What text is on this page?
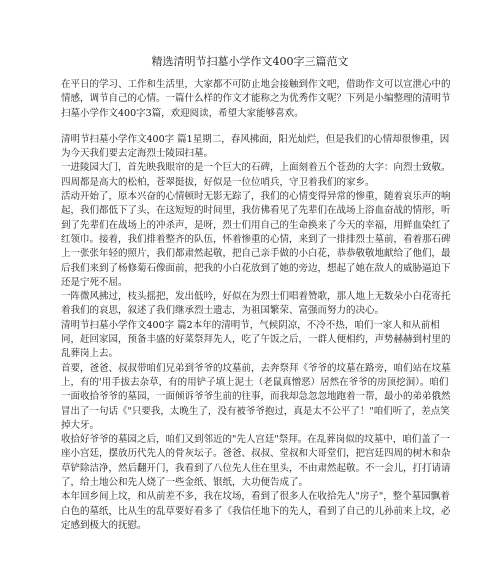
精选清明节扫墓小学作文400字三篇范文

在平日的学习、工作和生活里，大家都不可防止地会接触到作文吧，借助作文可以宣泄心中的情感，调节自己的心情。一篇什么样的作文才能称之为优秀作文呢？下列是小编整理的清明节扫墓小学作文400字3篇，欢迎阅读，希望大家能够喜欢。

清明节扫墓小学作文400字 篇1星期二，春风拂面，阳光灿烂，但是我们的心情却很惨重，因为今天我们要去定海烈士陵园扫墓。

一进陵园大门，首先映我眼帘的是一个巨大的石碑，上面刻着五个苍劲的大字：向烈士致敬。四周都是高大的松柏，苍翠挺拔，好似是一位位哨兵，守卫着我们的家乡。

活动开始了，原本兴奋的心情顿时无影无踪了，我们的心情变得异常的惨重，随着哀乐声的响起，我们都低下了头，在这短短的时间里，我仿佛看见了先辈们在战场上浴血奋战的情形，听到了先辈们在战场上的冲杀声，是呀，烈士们用自己的生命换来了今天的幸福，用鲜血染红了红领巾。接着，我们排着整齐的队伍，怀着惨重的心情，来到了一排排烈士墓前，看着那石碑上一张张年轻的照片，我们都肃然起敬，把自己亲手做的小白花，恭恭敬敬地献给了他们，最后我们来到了杨修菊石像面前，把我的小白花放到了她的旁边，想起了她在敌人的威胁逼迫下还是宁死不屈。

一阵微风拂过，枝头摇把，发出低吟，好似在为烈士们唱着赞歌，那人地上无数朵小白花寄托着我们的哀思，叙述了我们继承烈士遗志，为祖国繁荣、富强而努力的决心。

清明节扫墓小学作文400字 篇2本年的清明节，气候阴凉，不冷不热，咱们一家人和从前相同，赶回家园，预备丰盛的好菜祭拜先人，吃了午饭之后，一群人便相约，声势赫赫到村里的乱葬岗上去。

首要，爸爸、叔叔带咱们兄弟到爷爷的坟墓前，去奔祭拜《爷爷的坟墓在路旁，咱们站在坟墓上，有的'用手拔去杂草，有的用铲子填上泥土（老鼠真憎恶）居然在爷爷的房顶挖洞）。咱们一面收拾爷爷的墓园，一面倾诉爷爷生前的往事，而我却急忽忽地跑着一帮，最小的弟弟俄然冒出了一句话《"只要我，太晚生了，没有被爷爷抱过，真是太不公平了！"咱们听了，差点笑掉大牙。

收拾好爷爷的墓园之后，咱们又到邻近的"先人宫廷"祭拜。在乱葬岗似的坟墓中，咱们盖了一座小宫廷，摆放历代先人的骨灰坛子。爸爸、叔叔、堂叔和大哥堂们，把宫廷四周的树木和杂草铲除洁净，然后翻开门，我看到了八位先人住在里头，不由肃然起敬。不一会儿，打打请请了，给土地公和先人烧了一些金纸、银纸，大功便告成了。

本年回乡间上坟，和从前差不多，我在坟场，看到了很多人在收拾先人"房子"，整个墓园飘着白色的墓纸，比从生的乱草要好看多了《我信任地下的先人，看到了自己的儿孙前来上坟，必定感到极大的抚慰。
